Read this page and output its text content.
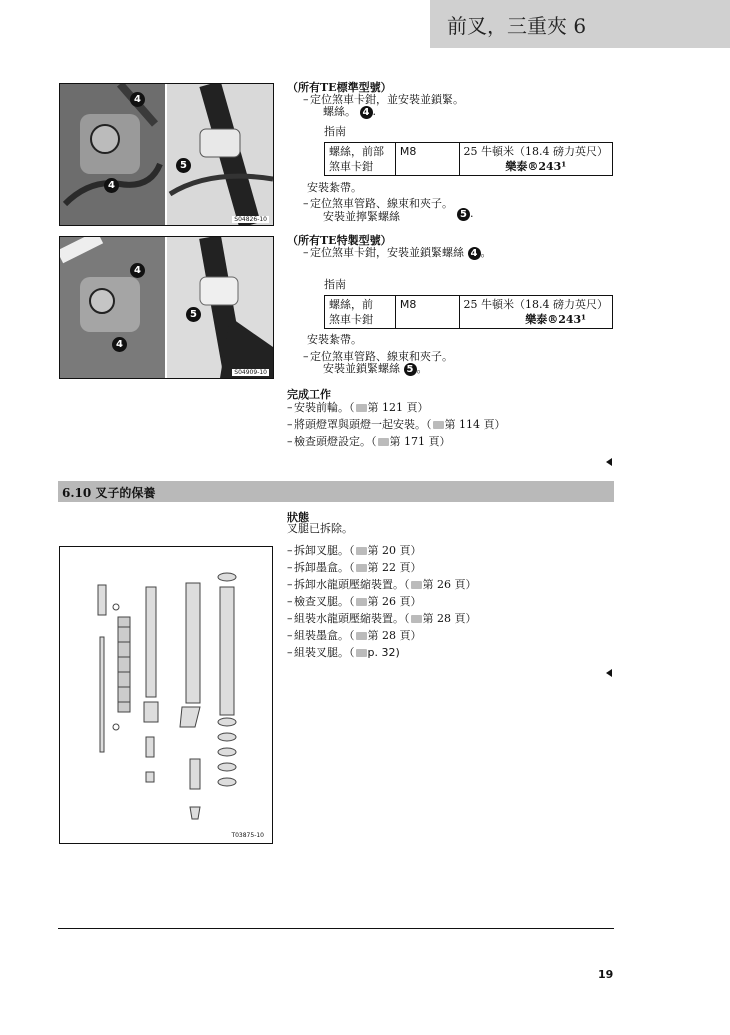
前叉，三重夾 6
4
4
5
S04826-10
4
4
5
S04909-10
（所有TE標準型號）
– 定位煞車卡鉗，並安裝並鎖緊。
螺絲。 4 .
指南
螺絲，前部
煞車卡鉗
	M8	25 牛頓米（18.4 磅力英尺）
樂泰®243¹
安裝紮帶。
– 定位煞車管路、線束和夾子。
安裝並擰緊螺絲	5 .
（所有TE特製型號）
– 定位煞車卡鉗，安裝並鎖緊螺絲 4 。
指南
螺絲，前
煞車卡鉗
	M8	25 牛頓米（18.4 磅力英尺）
樂泰®243¹
安裝紮帶。
– 定位煞車管路、線束和夾子。
安裝並鎖緊螺絲 5 。
完成工作
– 安裝前輪。（ 第 121 頁）
– 將頭燈罩與頭燈一起安裝。（ 第 114 頁）
– 檢查頭燈設定。（ 第 171 頁）
6.10 叉子的保養
T03875-10
狀態
叉腿已拆除。
– 拆卸叉腿。（ 第 20 頁）
– 拆卸墨盒。（ 第 22 頁）
– 拆卸水龍頭壓縮裝置。（ 第 26 頁）
– 檢查叉腿。（ 第 26 頁）
– 組裝水龍頭壓縮裝置。（ 第 28 頁）
– 組裝墨盒。（ 第 28 頁）
– 組裝叉腿。（ p. 32)
19
